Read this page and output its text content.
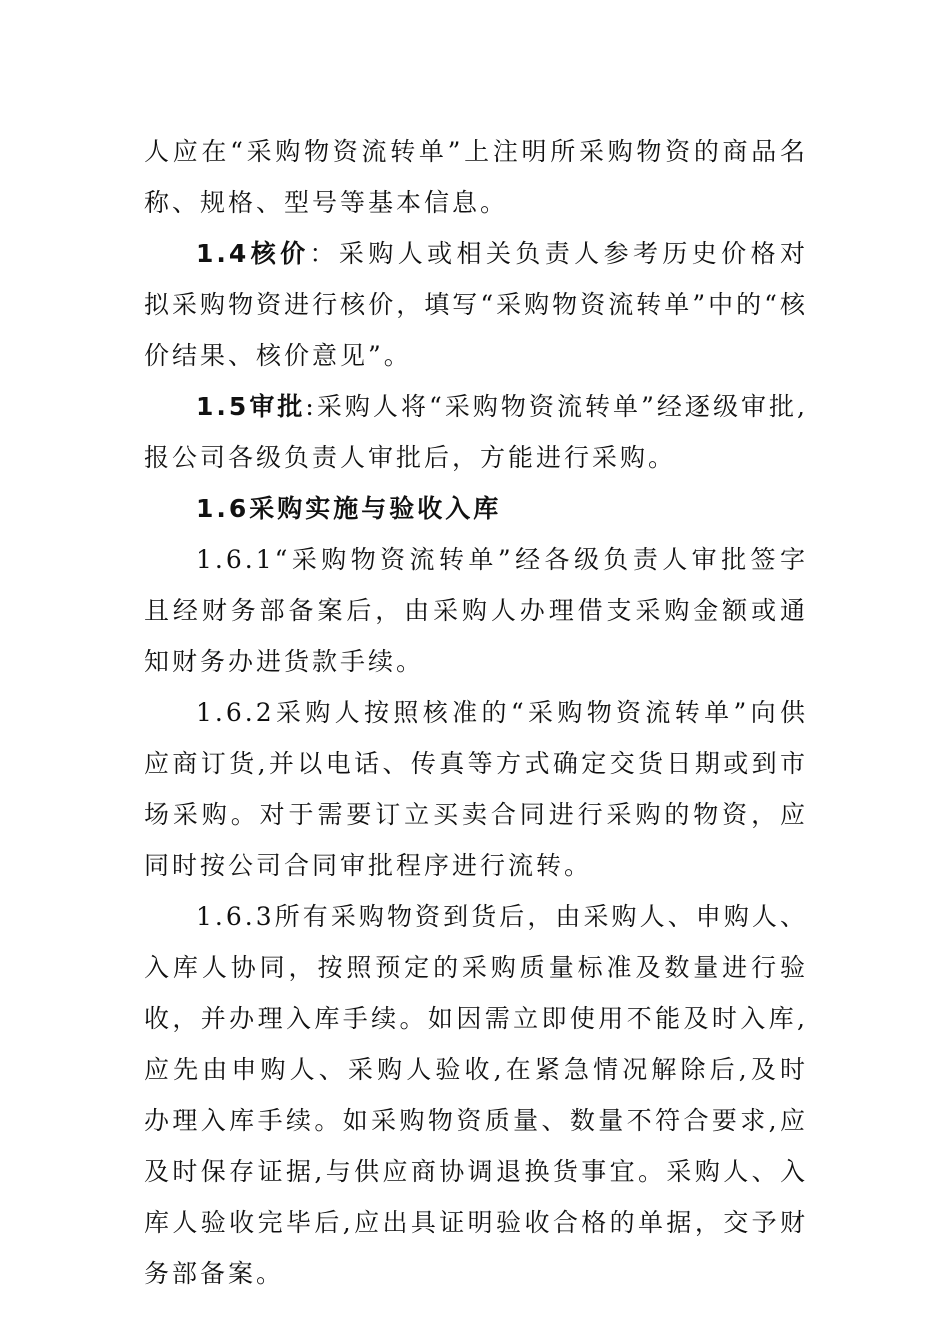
人应在“采购物资流转单”上注明所采购物资的商品名称、规格、型号等基本信息。

1.4核价：采购人或相关负责人参考历史价格对拟采购物资进行核价，填写“采购物资流转单”中的“核价结果、核价意见”。

1.5审批:采购人将“采购物资流转单”经逐级审批,报公司各级负责人审批后，方能进行采购。

1.6采购实施与验收入库

1.6.1“采购物资流转单”经各级负责人审批签字且经财务部备案后，由采购人办理借支采购金额或通知财务办进货款手续。

1.6.2采购人按照核准的“采购物资流转单”向供应商订货,并以电话、传真等方式确定交货日期或到市场采购。对于需要订立买卖合同进行采购的物资，应同时按公司合同审批程序进行流转。

1.6.3所有采购物资到货后，由采购人、申购人、入库人协同，按照预定的采购质量标准及数量进行验收，并办理入库手续。如因需立即使用不能及时入库,应先由申购人、采购人验收,在紧急情况解除后,及时办理入库手续。如采购物资质量、数量不符合要求,应及时保存证据,与供应商协调退换货事宜。采购人、入库人验收完毕后,应出具证明验收合格的单据，交予财务部备案。
